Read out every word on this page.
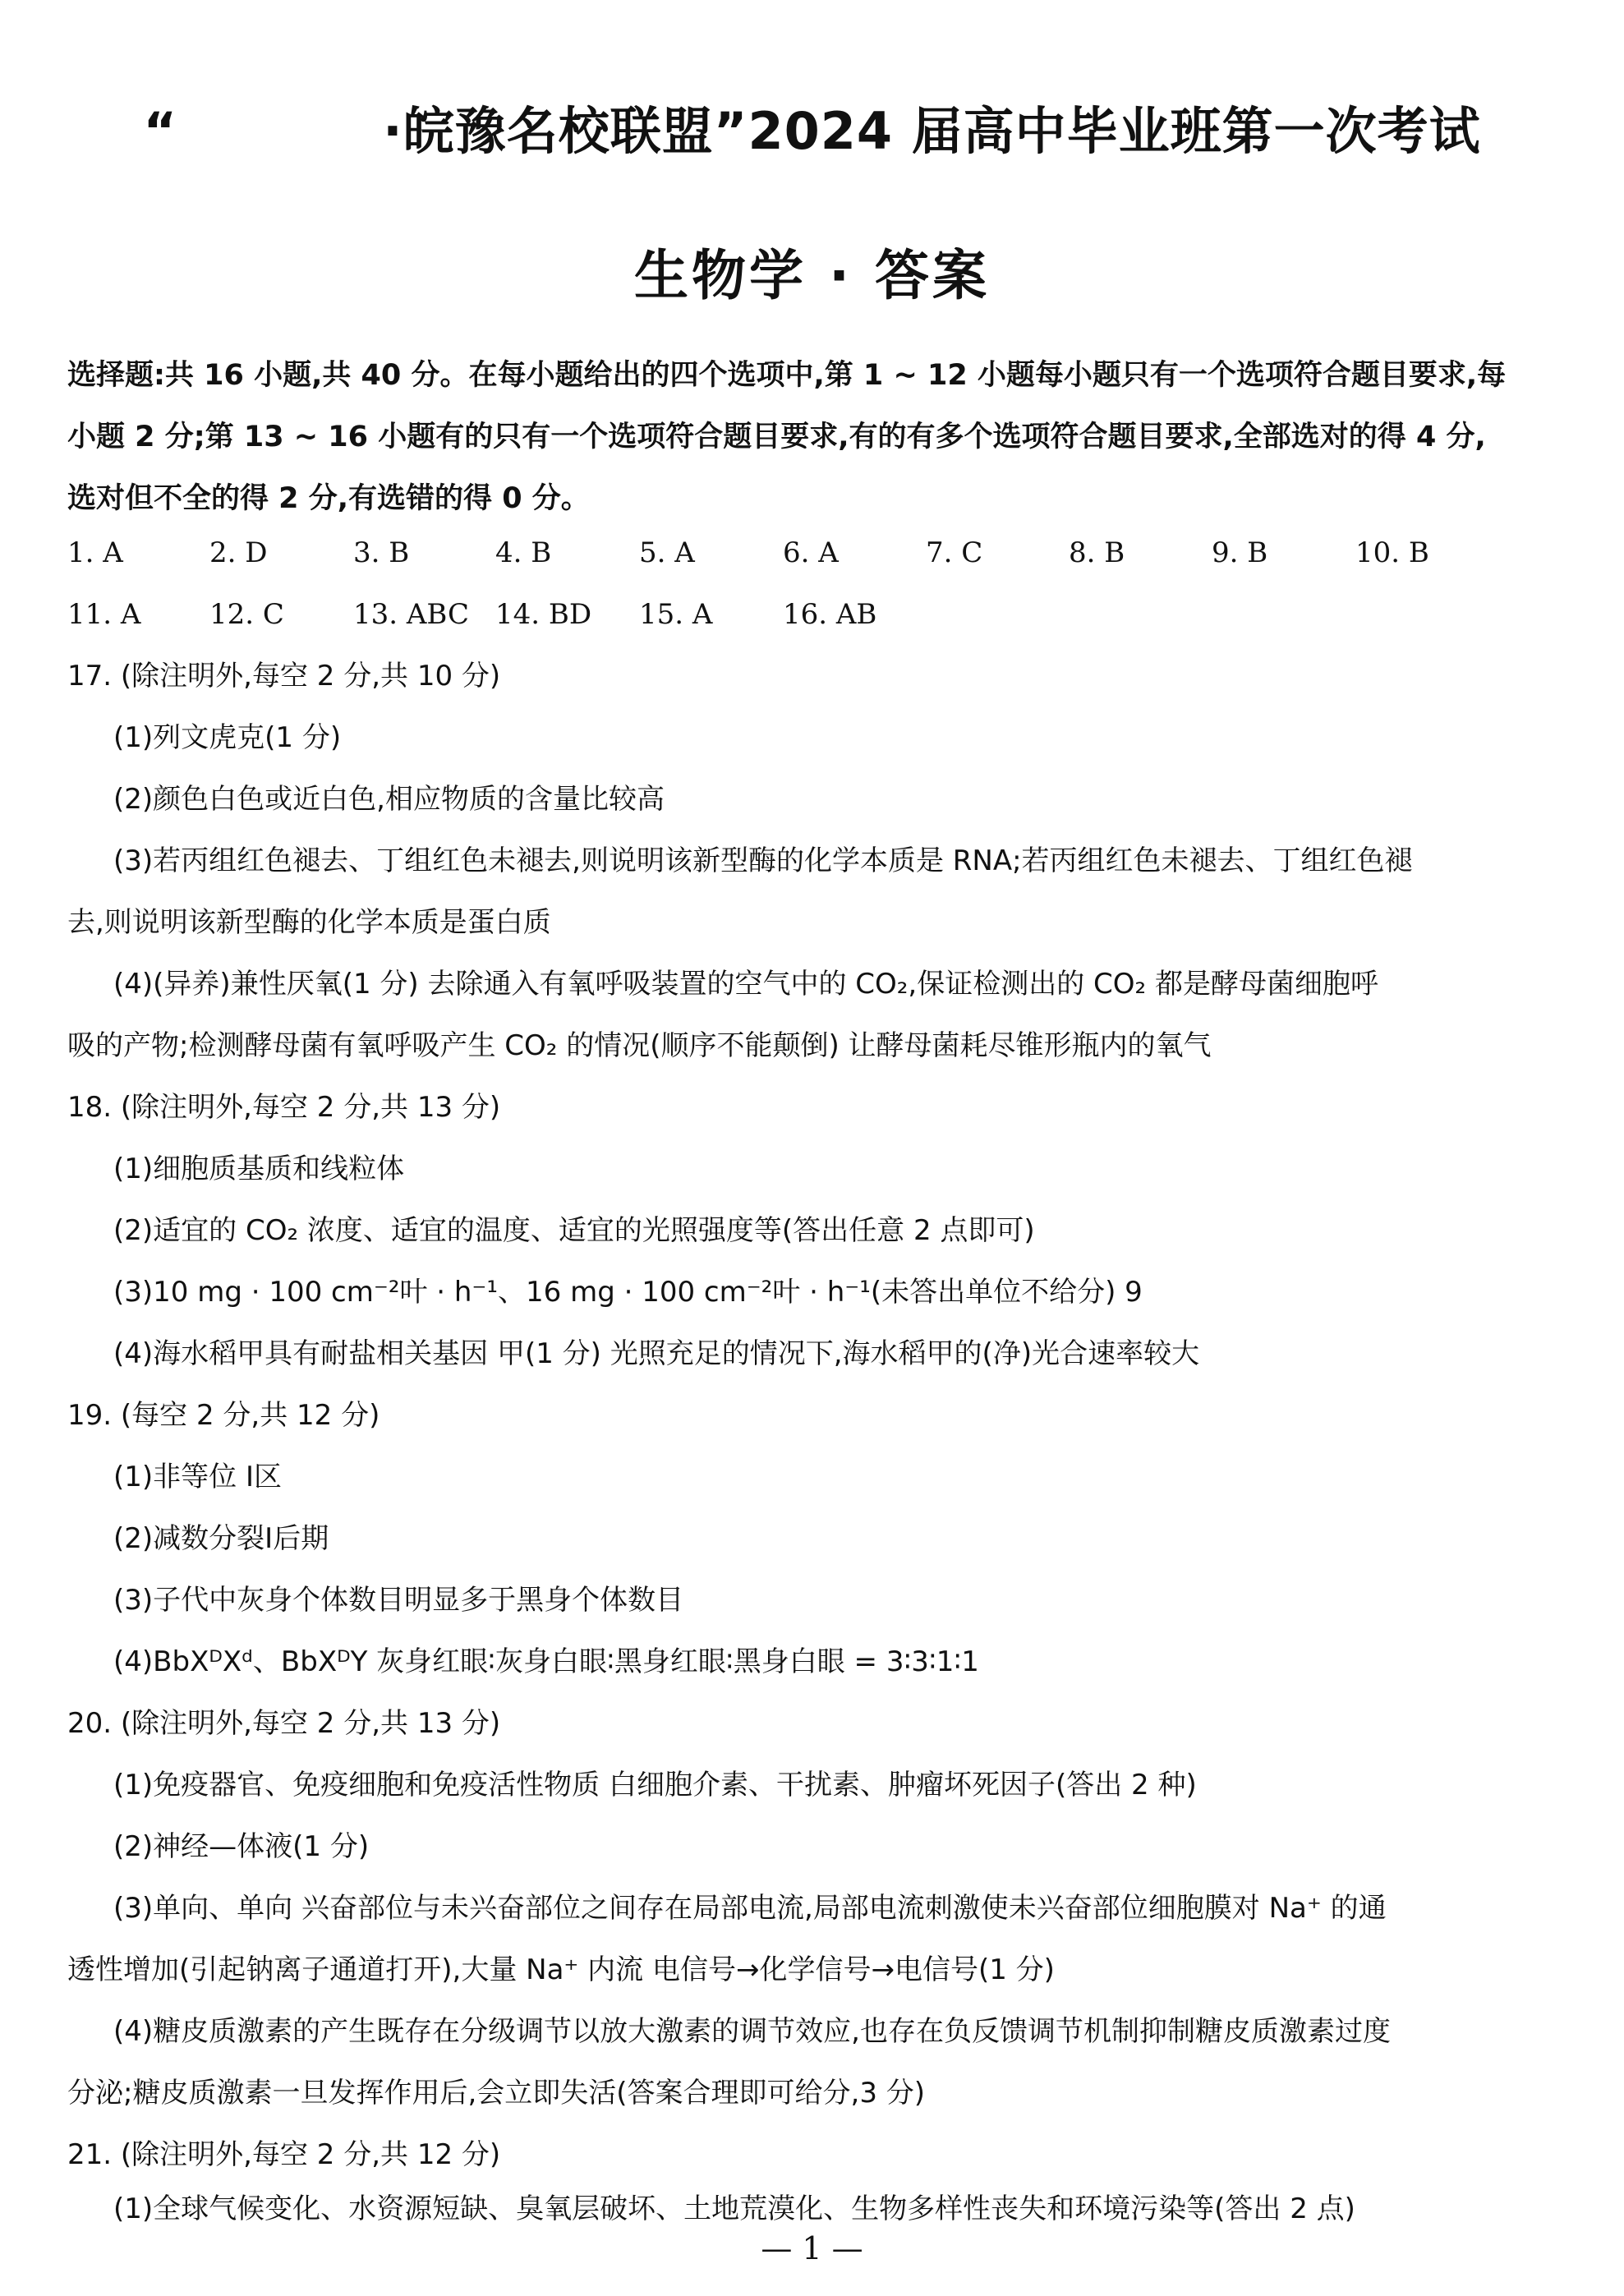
“	·皖豫名校联盟”2024 届高中毕业班第一次考试
生物学 · 答案
选择题:共 16 小题,共 40 分。在每小题给出的四个选项中,第 1 ~ 12 小题每小题只有一个选项符合题目要求,每
小题 2 分;第 13 ~ 16 小题有的只有一个选项符合题目要求,有的有多个选项符合题目要求,全部选对的得 4 分,
选对但不全的得 2 分,有选错的得 0 分。
1. A	2. D	3. B	4. B	5. A	6. A	7. C	8. B	9. B	10. B
11. A 12. C 13. ABC 14. BD 15. A	16. AB
17. (除注明外,每空 2 分,共 10 分)
(1)列文虎克(1 分)
(2)颜色白色或近白色,相应物质的含量比较高
(3)若丙组红色褪去、丁组红色未褪去,则说明该新型酶的化学本质是 RNA;若丙组红色未褪去、丁组红色褪
去,则说明该新型酶的化学本质是蛋白质
(4)(异养)兼性厌氧(1 分) 去除通入有氧呼吸装置的空气中的 CO₂,保证检测出的 CO₂ 都是酵母菌细胞呼
吸的产物;检测酵母菌有氧呼吸产生 CO₂ 的情况(顺序不能颠倒) 让酵母菌耗尽锥形瓶内的氧气
18. (除注明外,每空 2 分,共 13 分)
(1)细胞质基质和线粒体
(2)适宜的 CO₂ 浓度、适宜的温度、适宜的光照强度等(答出任意 2 点即可)
(3)10 mg · 100 cm⁻²叶 · h⁻¹、16 mg · 100 cm⁻²叶 · h⁻¹(未答出单位不给分) 9
(4)海水稻甲具有耐盐相关基因 甲(1 分) 光照充足的情况下,海水稻甲的(净)光合速率较大
19. (每空 2 分,共 12 分)
(1)非等位 Ⅰ区
(2)减数分裂Ⅰ后期
(3)子代中灰身个体数目明显多于黑身个体数目
(4)BbXᴰXᵈ、BbXᴰY 灰身红眼∶灰身白眼∶黑身红眼∶黑身白眼 = 3∶3∶1∶1
20. (除注明外,每空 2 分,共 13 分)
(1)免疫器官、免疫细胞和免疫活性物质 白细胞介素、干扰素、肿瘤坏死因子(答出 2 种)
(2)神经—体液(1 分)
(3)单向、单向 兴奋部位与未兴奋部位之间存在局部电流,局部电流刺激使未兴奋部位细胞膜对 Na⁺ 的通
透性增加(引起钠离子通道打开),大量 Na⁺ 内流 电信号→化学信号→电信号(1 分)
(4)糖皮质激素的产生既存在分级调节以放大激素的调节效应,也存在负反馈调节机制抑制糖皮质激素过度
分泌;糖皮质激素一旦发挥作用后,会立即失活(答案合理即可给分,3 分)
21. (除注明外,每空 2 分,共 12 分)
(1)全球气候变化、水资源短缺、臭氧层破坏、土地荒漠化、生物多样性丧失和环境污染等(答出 2 点)
— 1 —
